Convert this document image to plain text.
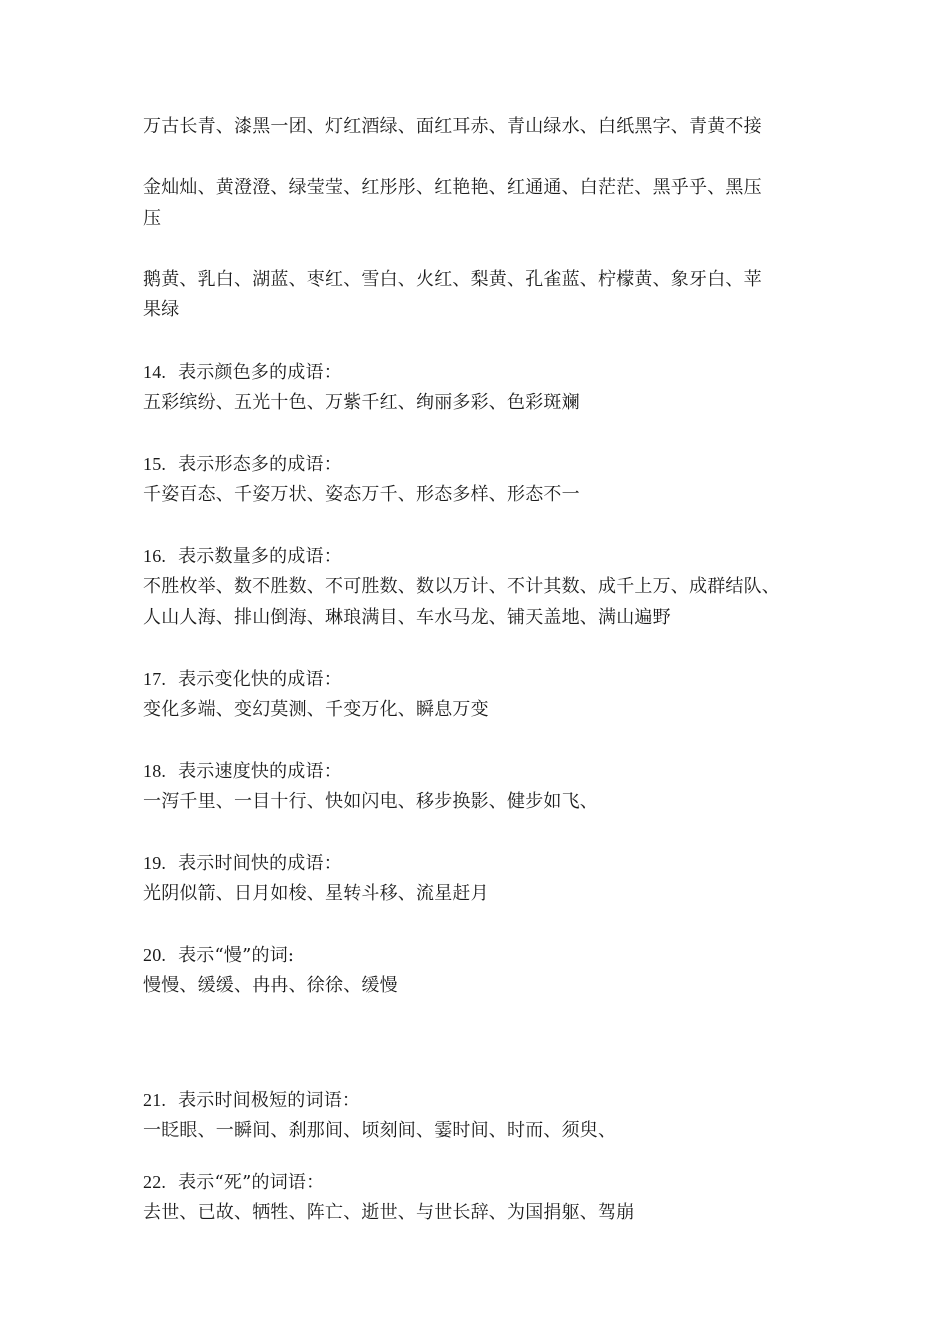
万古长青、漆黑一团、灯红酒绿、面红耳赤、青山绿水、白纸黑字、青黄不接
金灿灿、黄澄澄、绿莹莹、红彤彤、红艳艳、红通通、白茫茫、黑乎乎、黑压
压
鹅黄、乳白、湖蓝、枣红、雪白、火红、梨黄、孔雀蓝、柠檬黄、象牙白、苹
果绿
14. 表示颜色多的成语：
五彩缤纷、五光十色、万紫千红、绚丽多彩、色彩斑斓
15. 表示形态多的成语：
千姿百态、千姿万状、姿态万千、形态多样、形态不一
16. 表示数量多的成语：
不胜枚举、数不胜数、不可胜数、数以万计、不计其数、成千上万、成群结队、
人山人海、排山倒海、琳琅满目、车水马龙、铺天盖地、满山遍野
17. 表示变化快的成语：
变化多端、变幻莫测、千变万化、瞬息万变
18. 表示速度快的成语：
一泻千里、一目十行、快如闪电、移步换影、健步如飞、
19. 表示时间快的成语：
光阴似箭、日月如梭、星转斗移、流星赶月
20. 表示“慢”的词:
慢慢、缓缓、冉冉、徐徐、缓慢
21. 表示时间极短的词语：
一眨眼、一瞬间、刹那间、顷刻间、霎时间、时而、须臾、
22. 表示“死”的词语：
去世、已故、牺牲、阵亡、逝世、与世长辞、为国捐躯、驾崩
